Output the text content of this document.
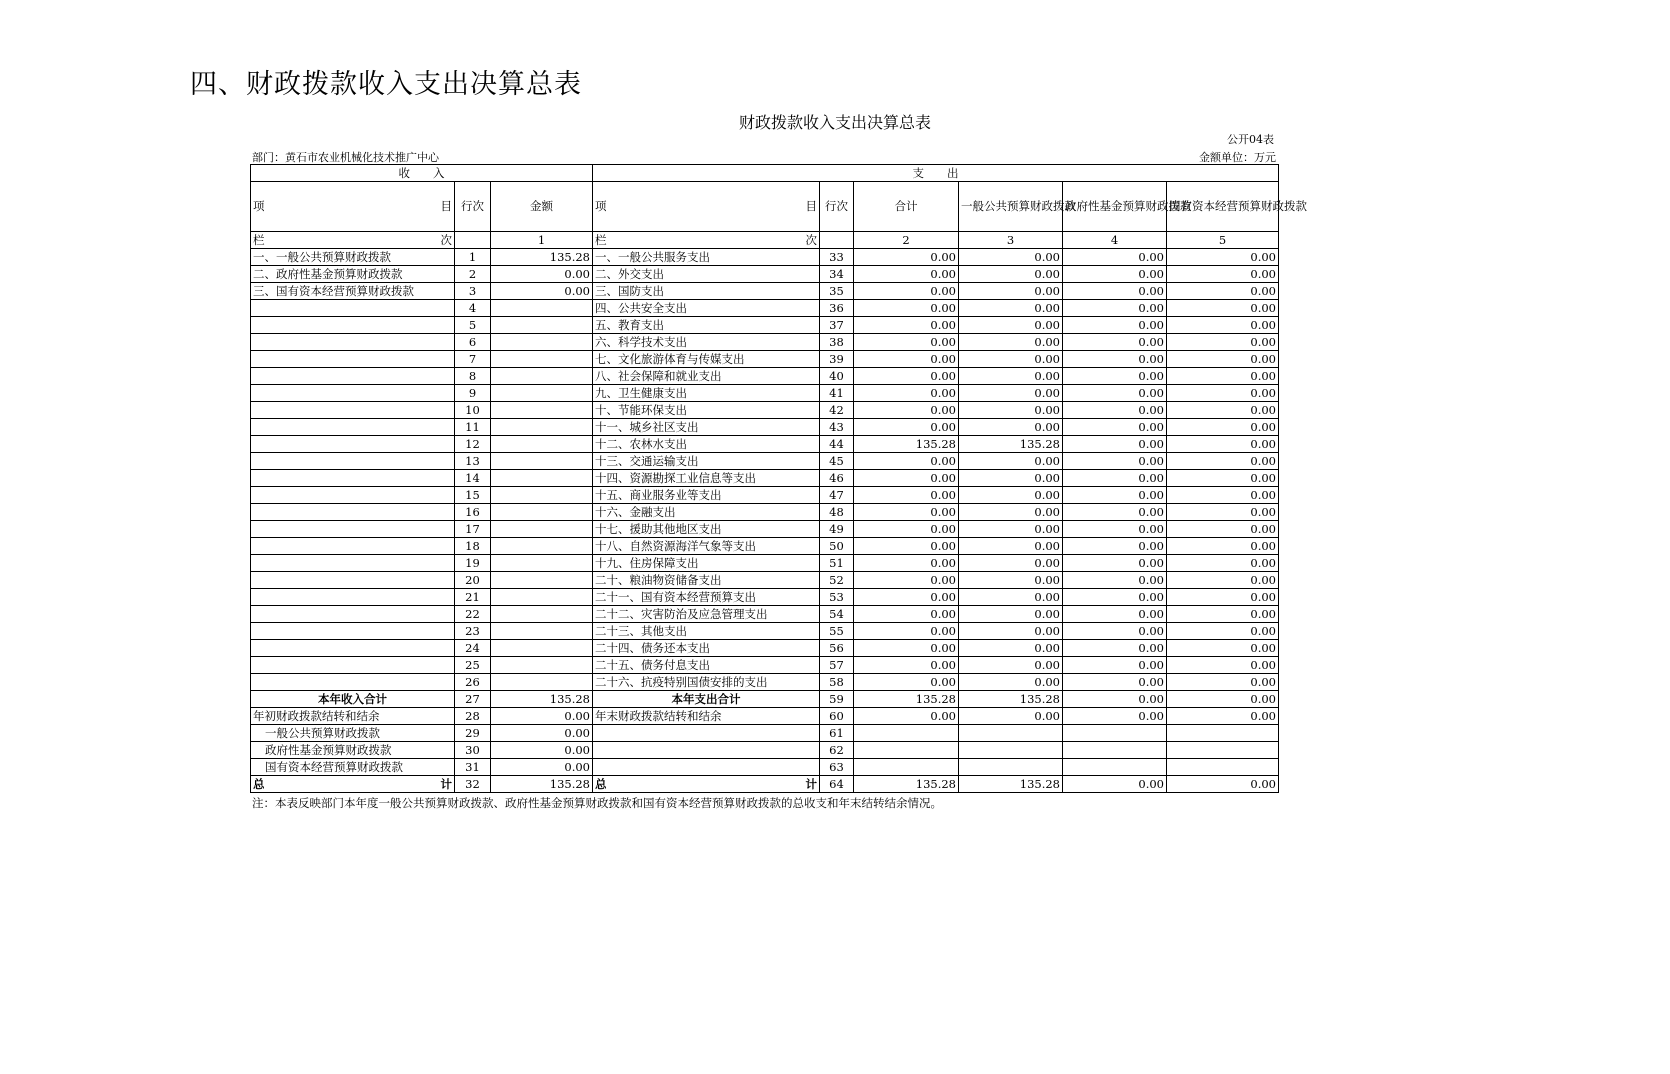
四、财政拨款收入支出决算总表
财政拨款收入支出决算总表
公开04表
部门：黄石市农业机械化技术推广中心	金额单位：万元
收　　入			支　　出					

项 目	行次	金额	项 目	行次	合计	一般公共预算财政拨款	政府性基金预算财政拨款	国有资本经营预算财政拨款

栏 次		1	栏 次		2	3	4	5
一、一般公共预算财政拨款	1	135.28	一、一般公共服务支出	33	0.00	0.00	0.00	0.00
二、政府性基金预算财政拨款	2	0.00	二、外交支出	34	0.00	0.00	0.00	0.00
三、国有资本经营预算财政拨款	3	0.00	三、国防支出	35	0.00	0.00	0.00	0.00
	4		四、公共安全支出	36	0.00	0.00	0.00	0.00
	5		五、教育支出	37	0.00	0.00	0.00	0.00
	6		六、科学技术支出	38	0.00	0.00	0.00	0.00
	7		七、文化旅游体育与传媒支出	39	0.00	0.00	0.00	0.00
	8		八、社会保障和就业支出	40	0.00	0.00	0.00	0.00
	9		九、卫生健康支出	41	0.00	0.00	0.00	0.00
	10		十、节能环保支出	42	0.00	0.00	0.00	0.00
	11		十一、城乡社区支出	43	0.00	0.00	0.00	0.00
	12		十二、农林水支出	44	135.28	135.28	0.00	0.00
	13		十三、交通运输支出	45	0.00	0.00	0.00	0.00
	14		十四、资源勘探工业信息等支出	46	0.00	0.00	0.00	0.00
	15		十五、商业服务业等支出	47	0.00	0.00	0.00	0.00
	16		十六、金融支出	48	0.00	0.00	0.00	0.00
	17		十七、援助其他地区支出	49	0.00	0.00	0.00	0.00
	18		十八、自然资源海洋气象等支出	50	0.00	0.00	0.00	0.00
	19		十九、住房保障支出	51	0.00	0.00	0.00	0.00
	20		二十、粮油物资储备支出	52	0.00	0.00	0.00	0.00
	21		二十一、国有资本经营预算支出	53	0.00	0.00	0.00	0.00
	22		二十二、灾害防治及应急管理支出	54	0.00	0.00	0.00	0.00
	23		二十三、其他支出	55	0.00	0.00	0.00	0.00
	24		二十四、债务还本支出	56	0.00	0.00	0.00	0.00
	25		二十五、债务付息支出	57	0.00	0.00	0.00	0.00
	26		二十六、抗疫特别国债安排的支出	58	0.00	0.00	0.00	0.00
本年收入合计	27	135.28	本年支出合计	59	135.28	135.28	0.00	0.00
年初财政拨款结转和结余	28	0.00	年末财政拨款结转和结余	60	0.00	0.00	0.00	0.00
一般公共预算财政拨款	29	0.00		61				
政府性基金预算财政拨款	30	0.00		62				
国有资本经营预算财政拨款	31	0.00		63				

总 计	32	135.28	总 计	64	135.28	135.28	0.00	0.00
注：本表反映部门本年度一般公共预算财政拨款、政府性基金预算财政拨款和国有资本经营预算财政拨款的总收支和年末结转结余情况。
